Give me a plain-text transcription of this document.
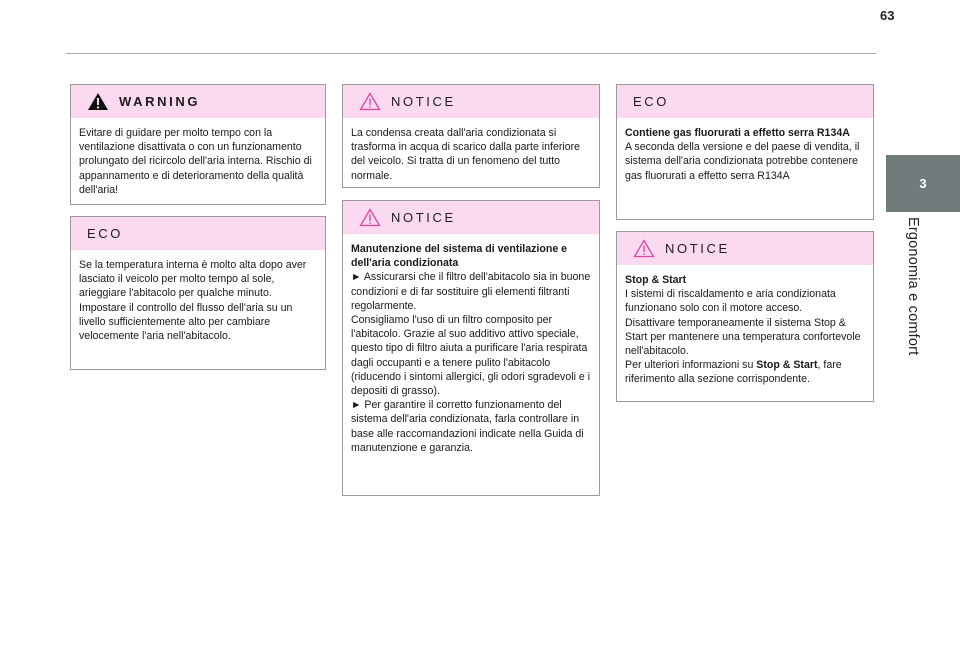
63
3
Ergonomia e comfort
WARNING

Evitare di guidare per molto tempo con la ventilazione disattivata o con un funzionamento prolungato del ricircolo dell'aria interna. Rischio di appannamento e di deterioramento della qualità dell'aria!

ECO

Se la temperatura interna è molto alta dopo aver lasciato il veicolo per molto tempo al sole, arieggiare l'abitacolo per qualche minuto.

Impostare il controllo del flusso dell'aria su un livello sufficientemente alto per cambiare velocemente l'aria nell'abitacolo.

NOTICE

La condensa creata dall'aria condizionata si trasforma in acqua di scarico dalla parte inferiore del veicolo. Si tratta di un fenomeno del tutto normale.

NOTICE

Manutenzione del sistema di ventilazione e dell'aria condizionata

► Assicurarsi che il filtro dell'abitacolo sia in buone condizioni e di far sostituire gli elementi filtranti regolarmente.

Consigliamo l'uso di un filtro composito per l'abitacolo. Grazie al suo additivo attivo speciale, questo tipo di filtro aiuta a purificare l'aria respirata dagli occupanti e a tenere pulito l'abitacolo (riducendo i sintomi allergici, gli odori sgradevoli e i depositi di grasso).

► Per garantire il corretto funzionamento del sistema dell'aria condizionata, farla controllare in base alle raccomandazioni indicate nella Guida di manutenzione e garanzia.

ECO

Contiene gas fluorurati a effetto serra R134A

A seconda della versione e del paese di vendita, il sistema dell'aria condizionata potrebbe contenere gas fluorurati a effetto serra R134A

NOTICE

Stop & Start

I sistemi di riscaldamento e aria condizionata funzionano solo con il motore acceso.

Disattivare temporaneamente il sistema Stop & Start per mantenere una temperatura confortevole nell'abitacolo.

Per ulteriori informazioni su Stop & Start, fare riferimento alla sezione corrispondente.
